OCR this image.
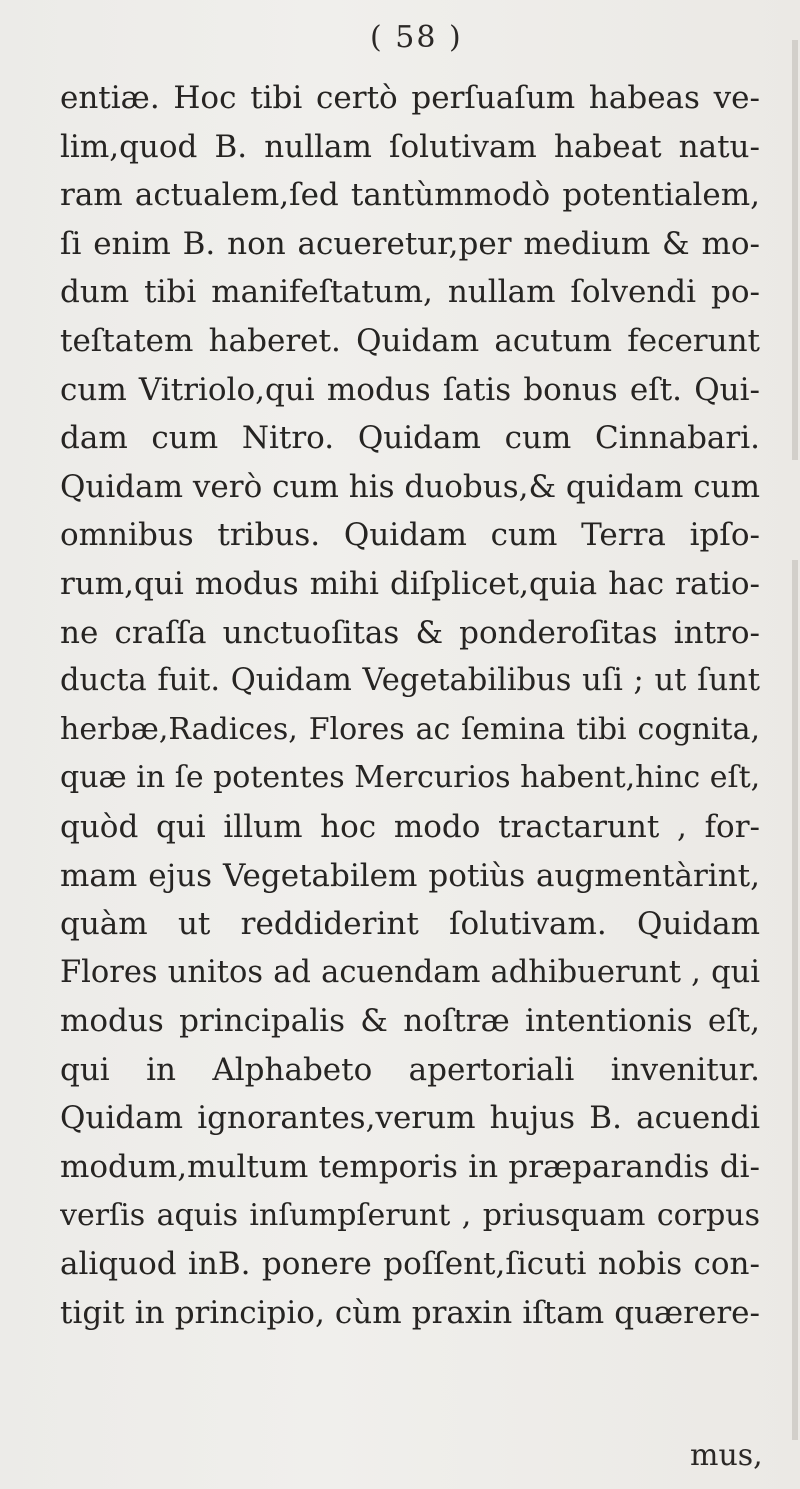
( 58 )
entiæ. Hoc tibi certò perſuaſum habeas ve-
lim,quod B. nullam ſolutivam habeat natu-
ram actualem,ſed tantùmmodò potentialem,
ſi enim B. non acueretur,per medium & mo-
dum tibi manifeſtatum, nullam ſolvendi po-
teſtatem haberet. Quidam acutum fecerunt
cum Vitriolo,qui modus ſatis bonus eſt. Qui-
dam cum Nitro. Quidam cum Cinnabari.
Quidam verò cum his duobus,& quidam cum
omnibus tribus. Quidam cum Terra ipſo-
rum,qui modus mihi diſplicet,quia hac ratio-
ne craſſa unctuoſitas & ponderoſitas intro-
ducta fuit. Quidam Vegetabilibus uſi ; ut ſunt
herbæ,Radices, Flores ac ſemina tibi cognita,
quæ in ſe potentes Mercurios habent,hinc eſt,
quòd qui illum hoc modo tractarunt , for-
mam ejus Vegetabilem potiùs augmentàrint,
quàm ut reddiderint ſolutivam. Quidam
Flores unitos ad acuendam adhibuerunt , qui
modus principalis & noſtræ intentionis eſt,
qui in Alphabeto apertoriali invenitur.
Quidam ignorantes,verum hujus B. acuendi
modum,multum temporis in præparandis di-
verſis aquis inſumpſerunt , priusquam corpus
aliquod inB. ponere poſſent,ſicuti nobis con-
tigit in principio, cùm praxin iſtam quærere-
mus,
